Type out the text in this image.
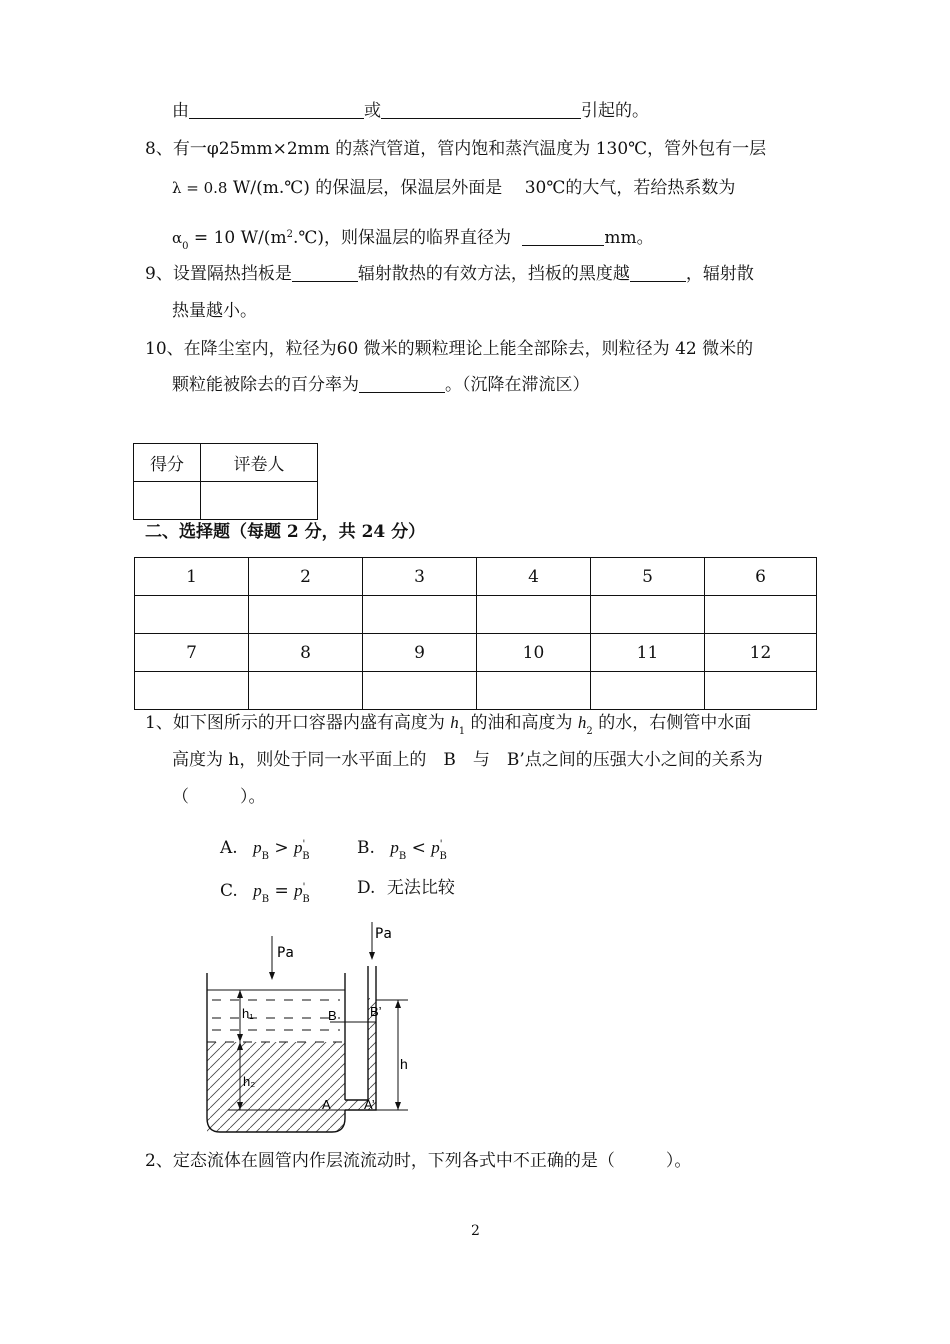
由	或	引起的。
8、有一φ25mm×2mm 的蒸汽管道，管内饱和蒸汽温度为 130℃，管外包有一层
λ = 0.8 W/(m.℃) 的保温层，保温层外面是　 30℃的大气，若给热系数为
$\alpha_0 = 10$ $W/(m^2.℃)$，则保温层的临界直径为	mm。
9、设置隔热挡板是	辐射散热的有效方法，挡板的黑度越	，辐射散
热量越小。
10、在降尘室内，粒径为60 微米的颗粒理论上能全部除去，则粒径为 42 微米的
颗粒能被除去的百分率为	。（沉降在滞流区）
得分	评卷人

二、选择题（每题 2 分，共 24 分）
1	2	3	4	5	6

7	8	9	10	11	12

1、如下图所示的开口容器内盛有高度为 $h_1$ 的油和高度为 $h_2$ 的水，右侧管中水面
高度为 h，则处于同一水平面上的　B　与　B’点之间的压强大小之间的关系为
（　　　）。
A. $p_B > p'_B$	B. $p_B < p'_B$
C. $p_B = p'_B$
D. 无法比较
Pa
Pa
h₁
h₂
B	B’
A	A’
h
2、定态流体在圆管内作层流流动时，下列各式中不正确的是（　　　）。
2
